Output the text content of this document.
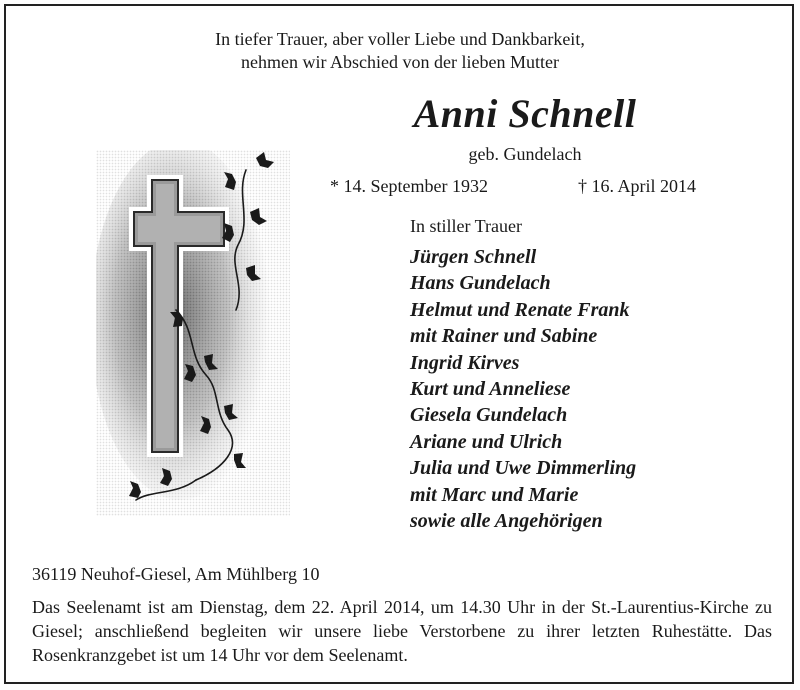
In tiefer Trauer, aber voller Liebe und Dankbarkeit,
nehmen wir Abschied von der lieben Mutter
Anni Schnell
geb. Gundelach
* 14. September 1932	† 16. April 2014
In stiller Trauer
Jürgen Schnell
Hans Gundelach
Helmut und Renate Frank
mit Rainer und Sabine
Ingrid Kirves
Kurt und Anneliese
Giesela Gundelach
Ariane und Ulrich
Julia und Uwe Dimmerling
mit Marc und Marie
sowie alle Angehörigen
36119 Neuhof-Giesel, Am Mühlberg 10
Das Seelenamt ist am Dienstag, dem 22. April 2014, um 14.30 Uhr in der St.-Laurentius-Kirche zu Giesel; anschließend begleiten wir unsere liebe Verstorbene zu ihrer letzten Ruhestätte. Das Rosenkranzgebet ist um 14 Uhr vor dem Seelenamt.
